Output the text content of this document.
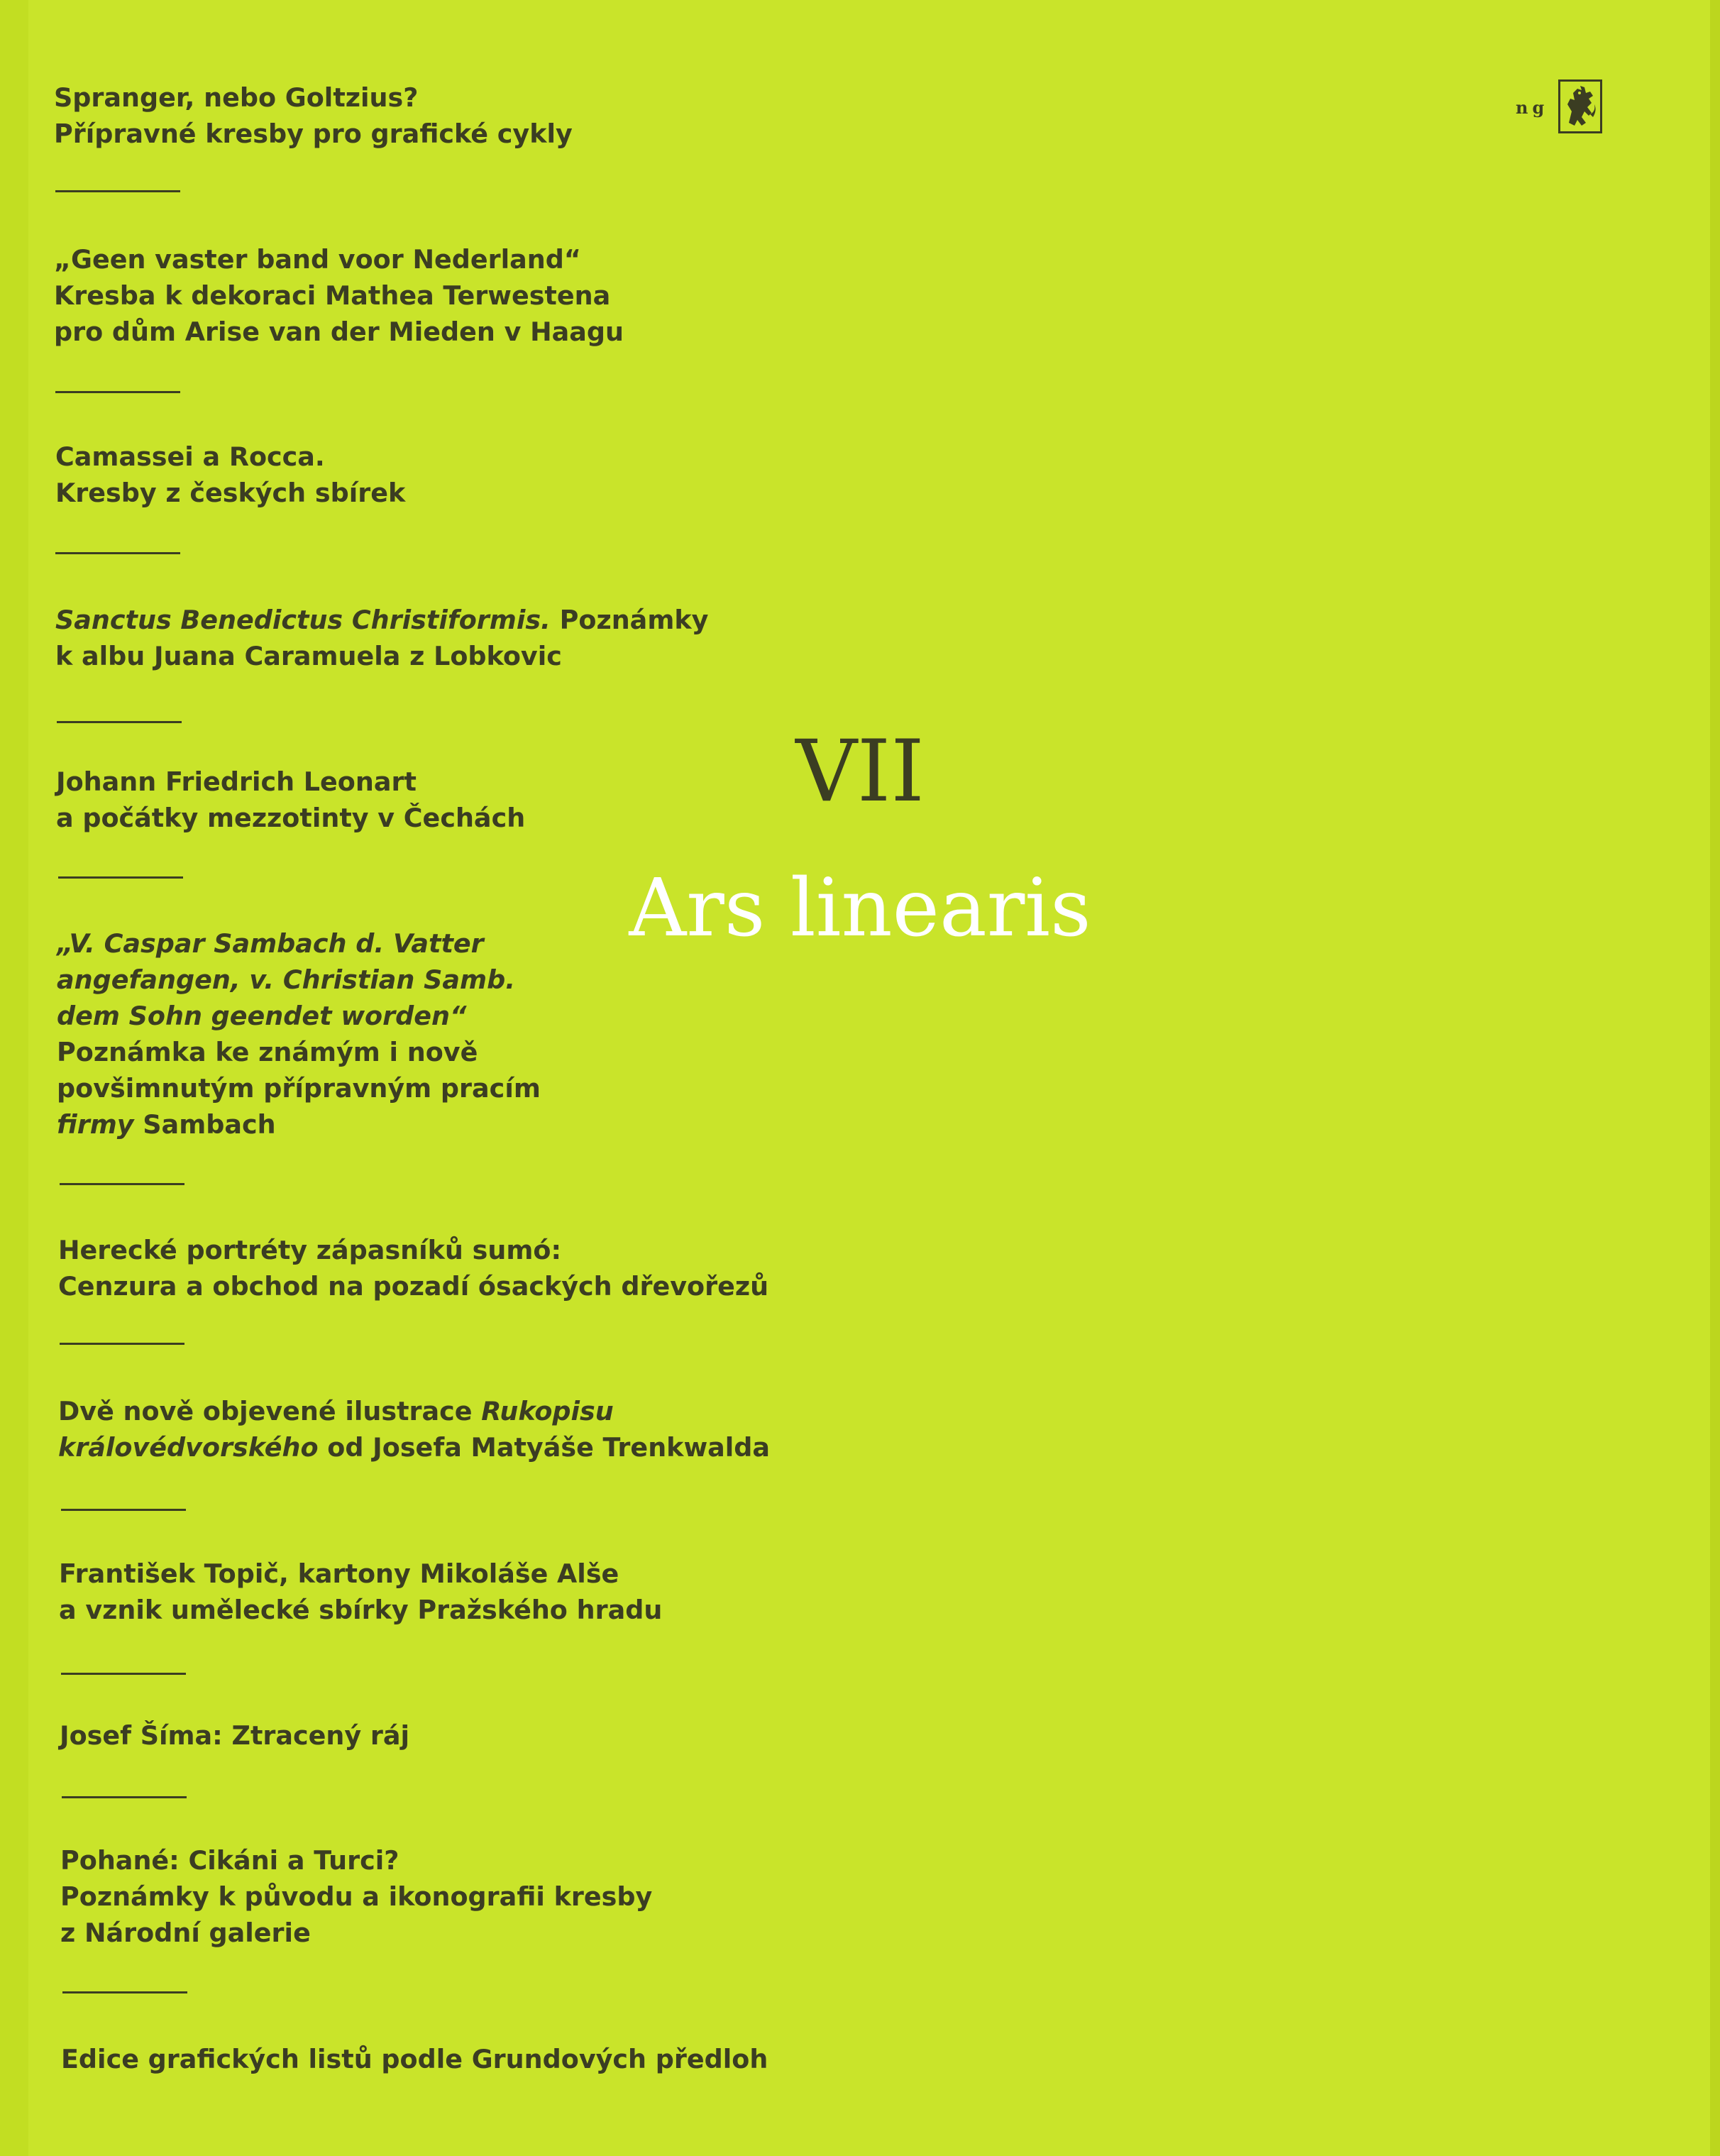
Spranger, nebo Goltzius?
Přípravné kresby pro grafické cykly

„Geen vaster band voor Nederland“
Kresba k dekoraci Mathea Terwestena
pro dům Arise van der Mieden v Haagu

Camassei a Rocca.
Kresby z českých sbírek

Sanctus Benedictus Christiformis. Poznámky
k albu Juana Caramuela z Lobkovic

Johann Friedrich Leonart
a počátky mezzotinty v Čechách

„V. Caspar Sambach d. Vatter
angefangen, v. Christian Samb.
dem Sohn geendet worden“
Poznámka ke známým i nově
povšimnutým přípravným pracím
firmy Sambach

Herecké portréty zápasníků sumó:
Cenzura a obchod na pozadí ósackých dřevořezů

Dvě nově objevené ilustrace Rukopisu
královédvorského od Josefa Matyáše Trenkwalda

František Topič, kartony Mikoláše Alše
a vznik umělecké sbírky Pražského hradu

Josef Šíma: Ztracený ráj

Pohané: Cikáni a Turci?
Poznámky k původu a ikonografii kresby
z Národní galerie

Edice grafických listů podle Grundových předloh

VII
Ars linearis
n g
